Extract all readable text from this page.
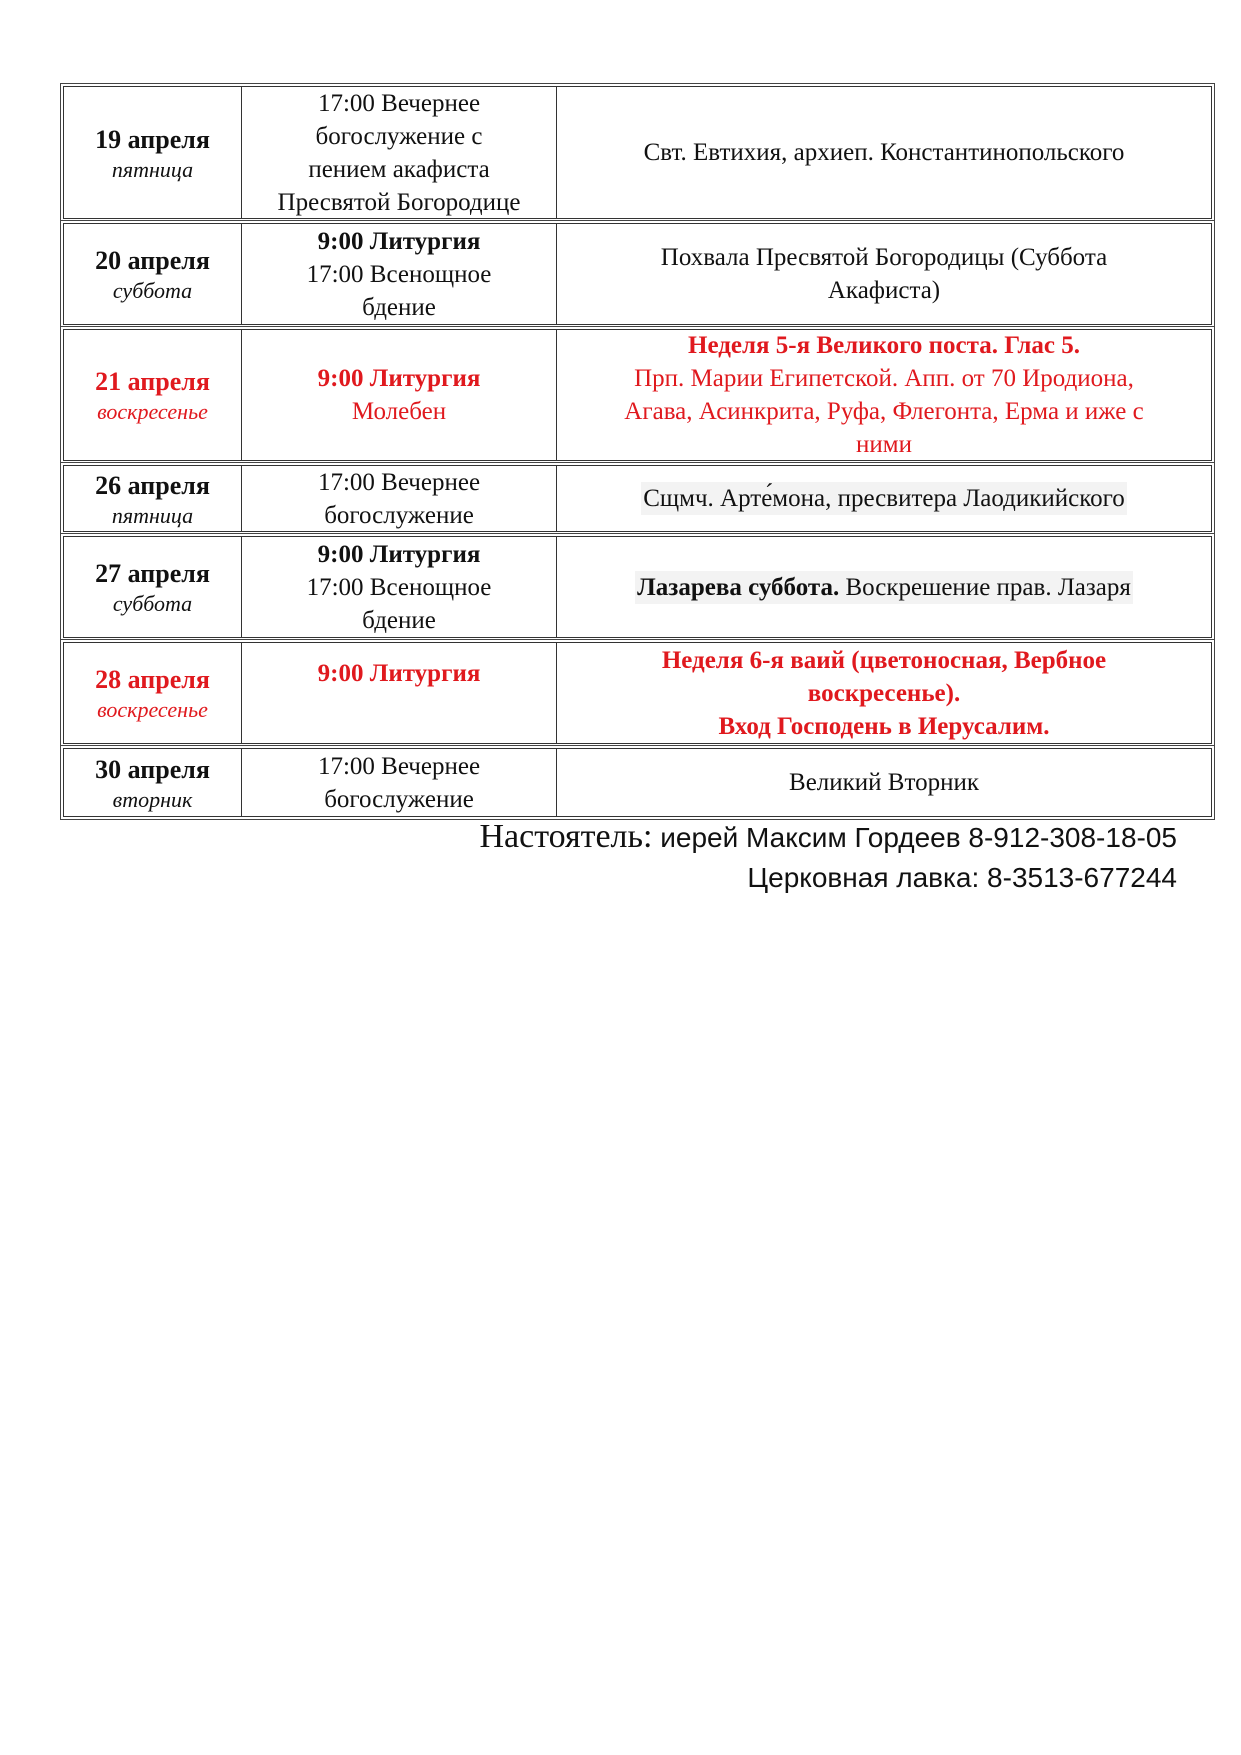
19 апреля
пятница
17:00 Вечернее
богослужение с
пением акафиста
Пресвятой Богородице
Свт. Евтихия, архиеп. Константинопольского
20 апреля
суббота
9:00 Литургия
17:00 Всенощное
бдение
Похвала Пресвятой Богородицы (Суббота
Акафиста)
21 апреля
воскресенье
9:00 Литургия
Молебен
Неделя 5-я Великого поста. Глас 5.
Прп. Марии Египетской. Апп. от 70 Иродиона,
Агава, Асинкрита, Руфа, Флегонта, Ерма и иже с
ними
26 апреля
пятница
17:00 Вечернее
богослужение
Сщмч. Арте́мона, пресвитера Лаодикийского
27 апреля
суббота
9:00 Литургия
17:00 Всенощное
бдение
Лазарева суббота. Воскрешение прав. Лазаря
28 апреля
воскресенье
9:00 Литургия	Неделя 6-я ваий (цветоносная, Вербное
воскресенье).
Вход Господень в Иерусалим.
30 апреля
вторник
17:00 Вечернее
богослужение
Великий Вторник
Настоятель: иерей Максим Гордеев 8-912-308-18-05
Церковная лавка: 8-3513-677244
